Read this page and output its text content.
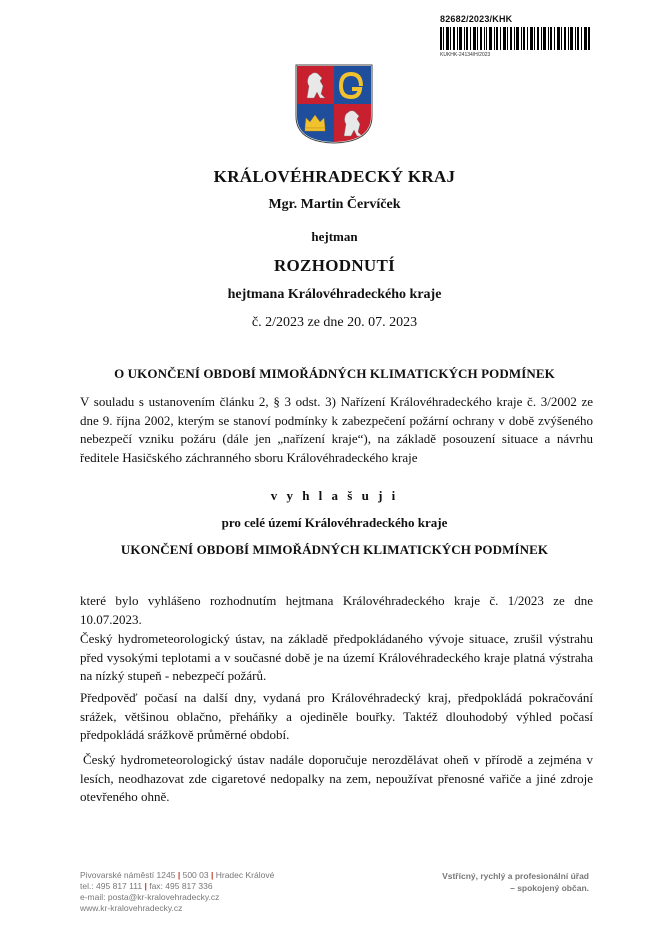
82682/2023/KHK
KUKHK-24134/H/2023
KRÁLOVÉHRADECKÝ KRAJ
Mgr. Martin Červíček
hejtman
ROZHODNUTÍ
hejtmana Královéhradeckého kraje
č. 2/2023 ze dne 20. 07. 2023
O UKONČENÍ OBDOBÍ MIMOŘÁDNÝCH KLIMATICKÝCH PODMÍNEK
V souladu s ustanovením článku 2, § 3 odst. 3) Nařízení Královéhradeckého kraje č. 3/2002 ze dne 9. října 2002, kterým se stanoví podmínky k zabezpečení požární ochrany v době zvýšeného nebezpečí vzniku požáru (dále jen „nařízení kraje“), na základě posouzení situace a návrhu ředitele Hasičského záchranného sboru Královéhradeckého kraje
v y h l a š u j i
pro celé území Královéhradeckého kraje
UKONČENÍ OBDOBÍ MIMOŘÁDNÝCH KLIMATICKÝCH PODMÍNEK
které bylo vyhlášeno rozhodnutím hejtmana Královéhradeckého kraje č. 1/2023 ze dne 10.07.2023.
Český hydrometeorologický ústav, na základě předpokládaného vývoje situace, zrušil výstrahu před vysokými teplotami a v současné době je na území Královéhradeckého kraje platná výstraha na nízký stupeň - nebezpečí požárů.
Předpověď počasí na další dny, vydaná pro Královéhradecký kraj, předpokládá pokračování srážek, většinou oblačno, přeháňky a ojediněle bouřky. Taktéž dlouhodobý výhled počasí předpokládá srážkově průměrné období.
Český hydrometeorologický ústav nadále doporučuje nerozdělávat oheň v přírodě a zejména v lesích, neodhazovat zde cigaretové nedopalky na zem, nepoužívat přenosné vařiče a jiné zdroje otevřeného ohně.
Pivovarské náměstí 1245 | 500 03 | Hradec Králové
tel.: 495 817 111 | fax: 495 817 336
e-mail: posta@kr-kralovehradecky.cz
www.kr-kralovehradecky.cz
Vstřícný, rychlý a profesionální úřad
– spokojený občan.
